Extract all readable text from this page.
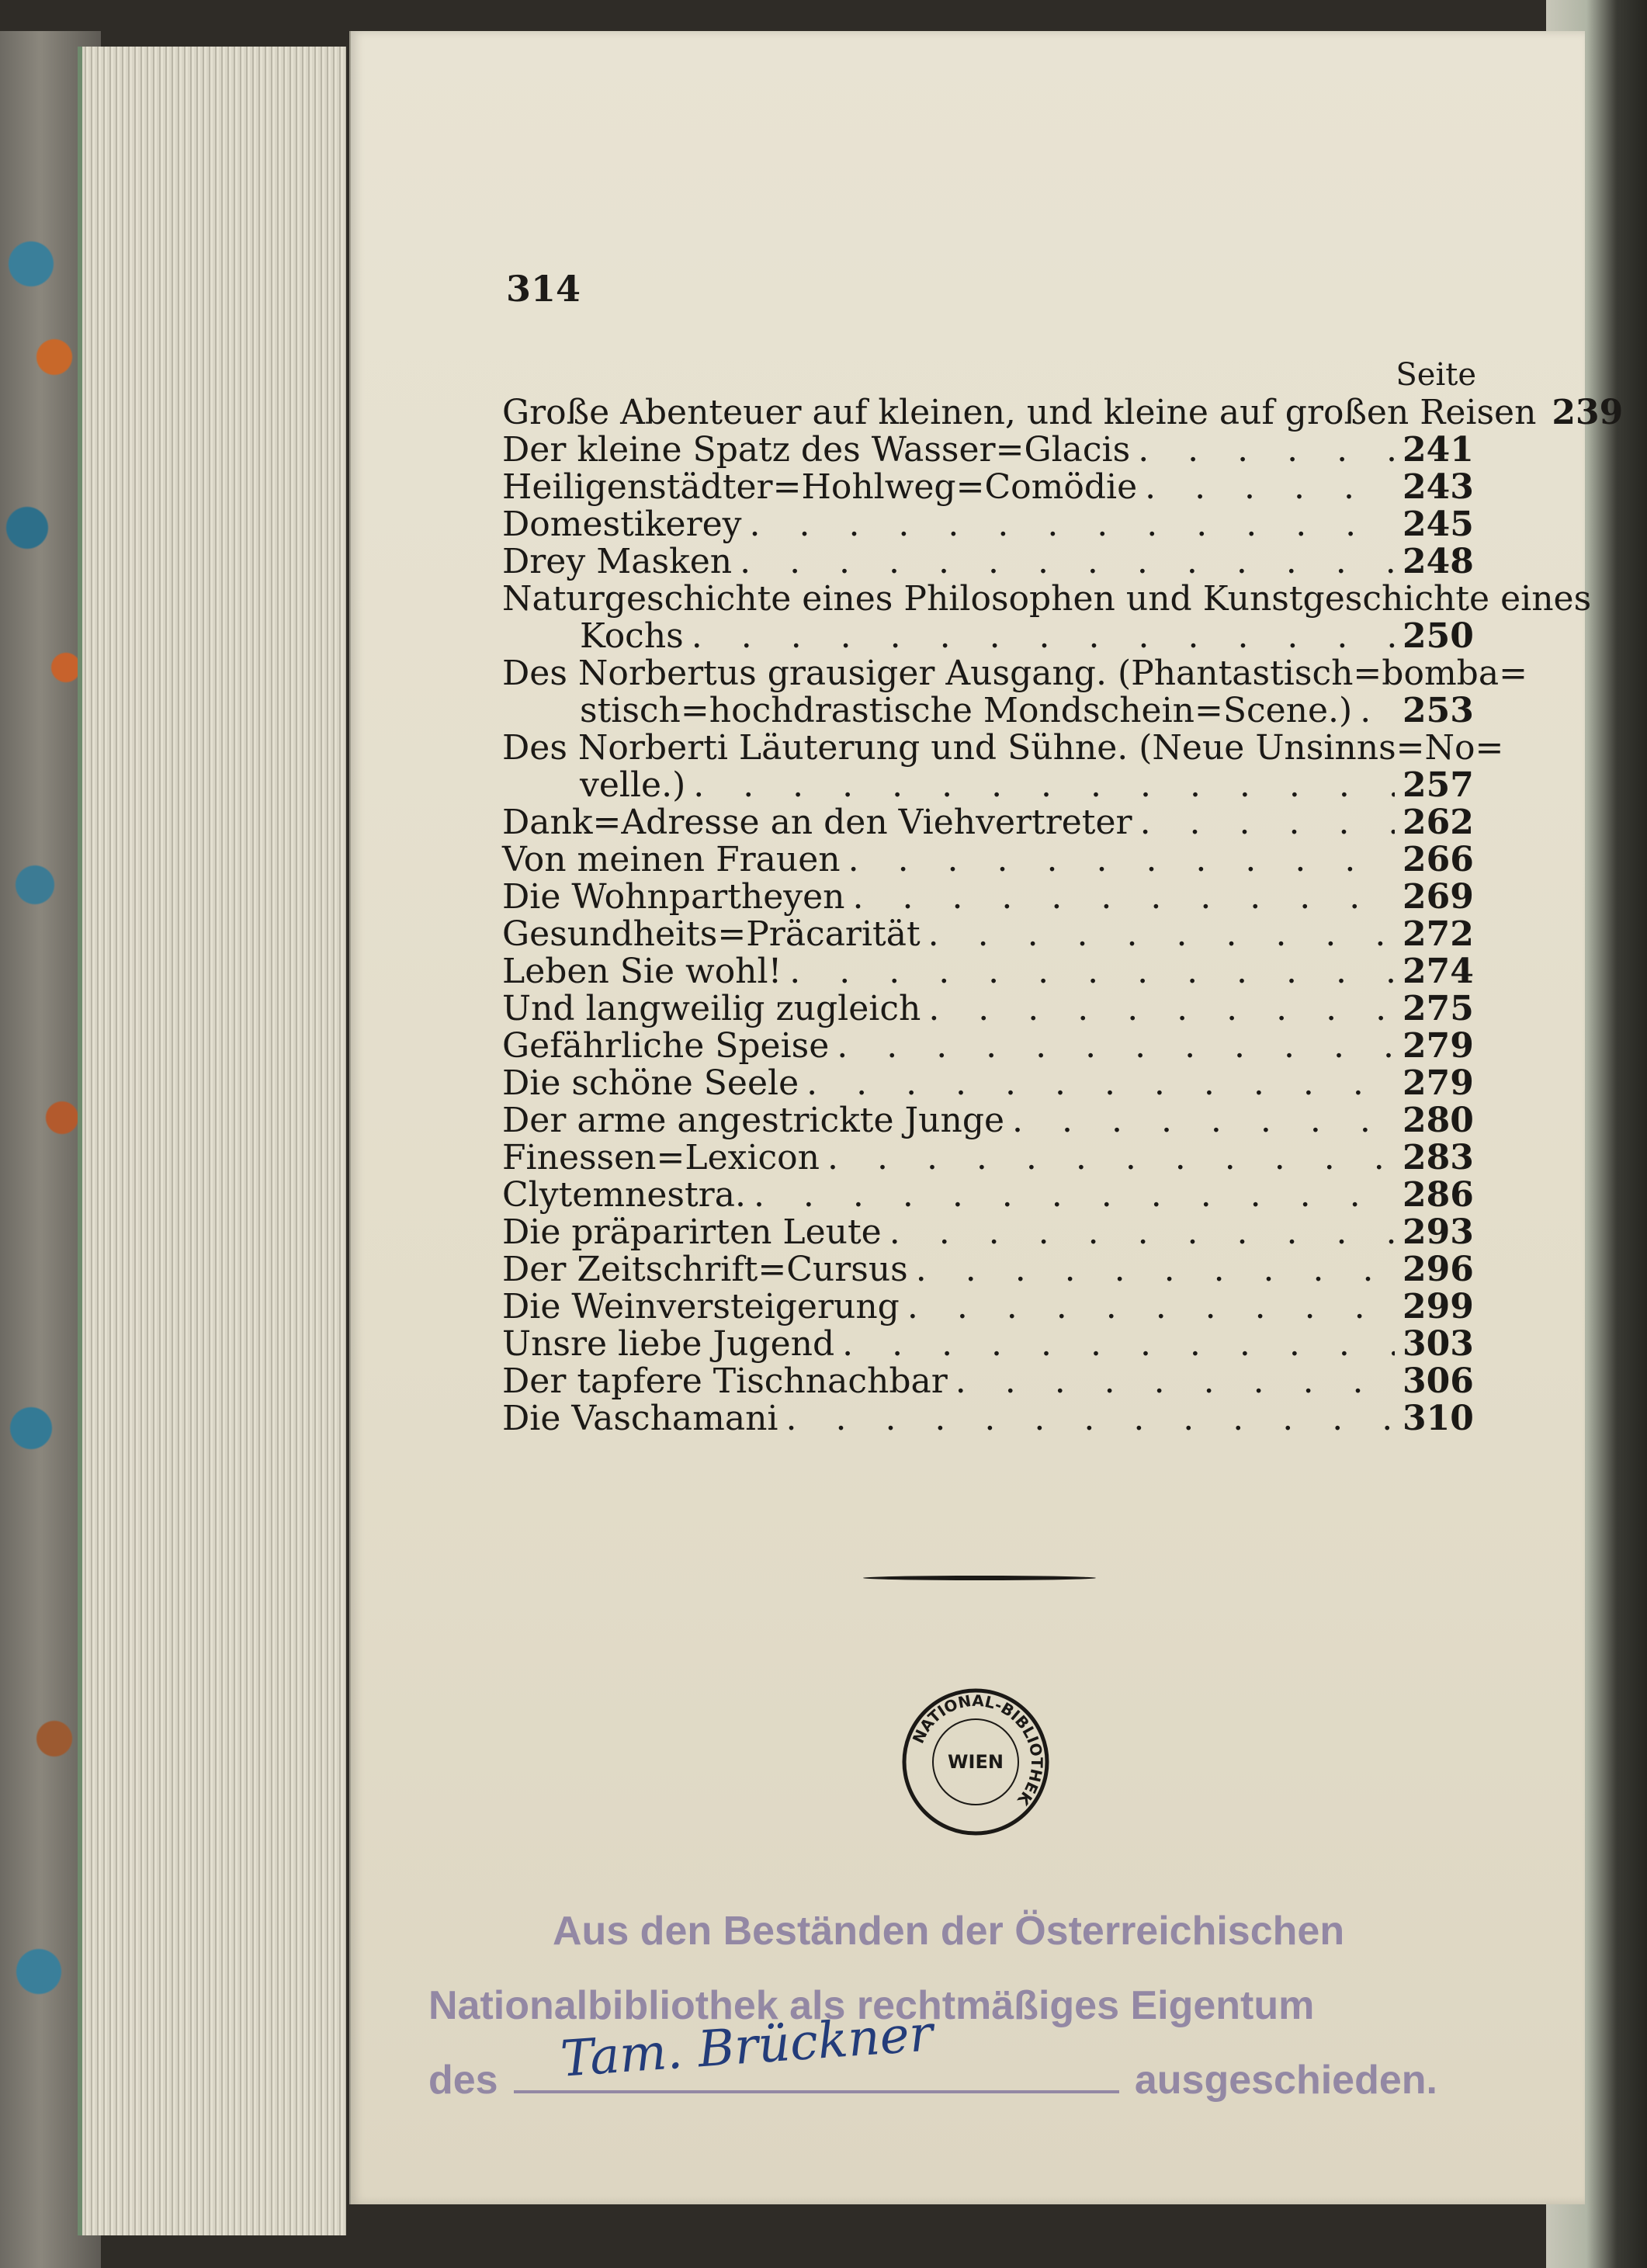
314
Seite
Große Abenteuer auf kleinen, und kleine auf großen Reisen 239
Der kleine Spatz des Wasser=Glacis . . .	241
Heiligenstädter=Hohlweg=Comödie . . .	243
Domestikerey . . .	245
Drey Masken . . .	248
Naturgeschichte eines Philosophen und Kunstgeschichte eines
Kochs . . .	250
Des Norbertus grausiger Ausgang. (Phantastisch=bomba=
stisch=hochdrastische Mondschein=Scene.) . . . 253
Des Norberti Läuterung und Sühne. (Neue Unsinns=No=
velle.) . . .	257
Dank=Adresse an den Viehvertreter . . .	262
Von meinen Frauen . . .	266
Die Wohnpartheyen . . .	269
Gesundheits=Präcarität . . .	272
Leben Sie wohl! . . .	274
Und langweilig zugleich . . .	275
Gefährliche Speise . . .	279
Die schöne Seele . . .	279
Der arme angestrickte Junge . . .	280
Finessen=Lexicon . . .	283
Clytemnestra. . . .	286
Die präparirten Leute . . .	293
Der Zeitschrift=Cursus . . .	296
Die Weinversteigerung . . .	299
Unsre liebe Jugend . . .	303
Der tapfere Tischnachbar . . .	306
Die Vaschamani . . .	310
NATIONAL-BIBLIOTHEK
WIEN
Aus den Beständen der Österreichischen
Nationalbibliothek als rechtmäßiges Eigentum
des	ausgeschieden.
Tam. Brückner
